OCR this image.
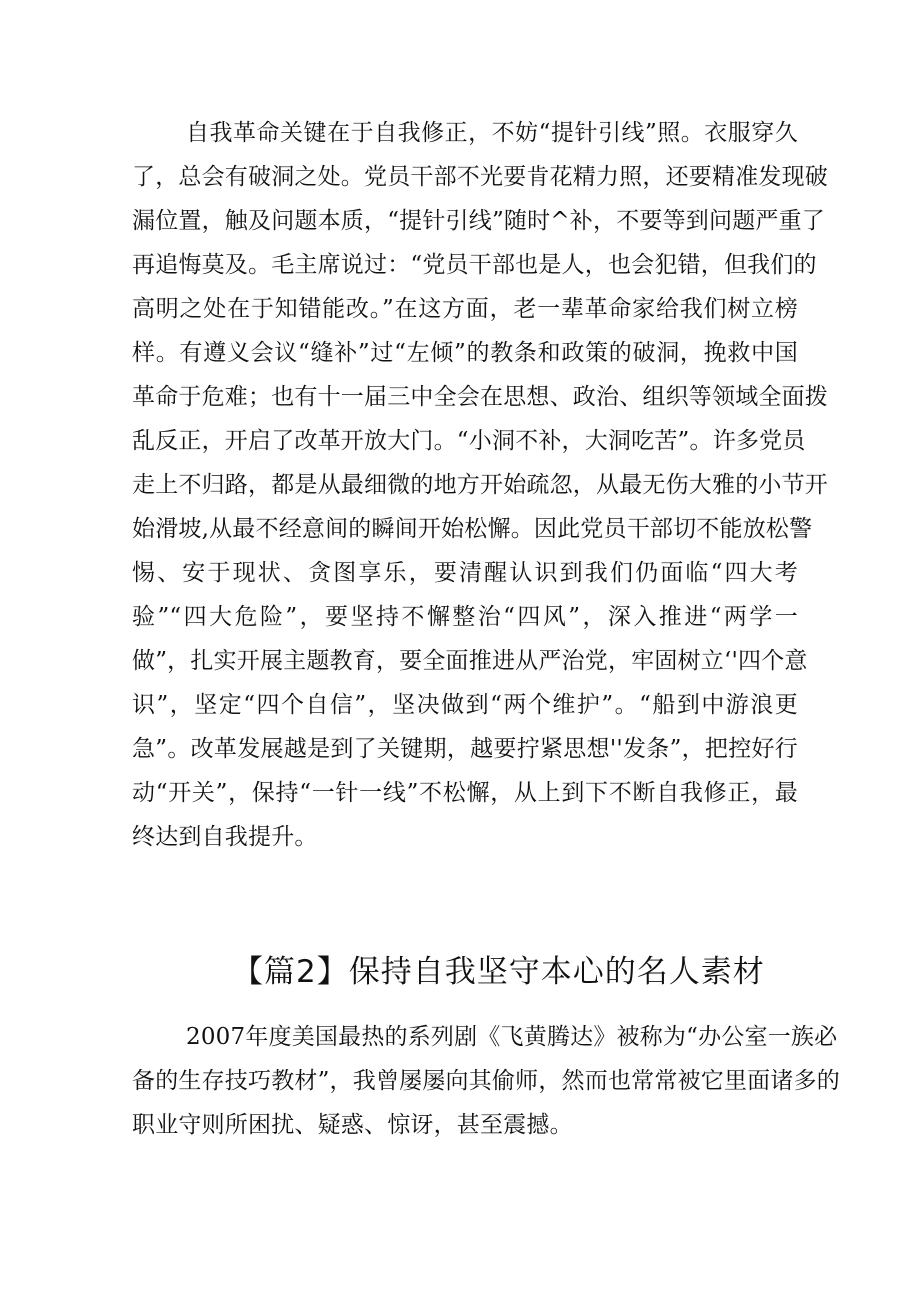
自我革命关键在于自我修正，不妨“提针引线”照。衣服穿久
了，总会有破洞之处。党员干部不光要肯花精力照，还要精准发现破
漏位置，触及问题本质，“提针引线”随时^补，不要等到问题严重了
再追悔莫及。毛主席说过：“党员干部也是人，也会犯错，但我们的
高明之处在于知错能改。”在这方面，老一辈革命家给我们树立榜
样。有遵义会议“缝补”过“左倾”的教条和政策的破洞，挽救中国
革命于危难；也有十一届三中全会在思想、政治、组织等领域全面拨
乱反正，开启了改革开放大门。“小洞不补，大洞吃苦”。许多党员
走上不归路，都是从最细微的地方开始疏忽，从最无伤大雅的小节开
始滑坡,从最不经意间的瞬间开始松懈。因此党员干部切不能放松警
惕、安于现状、贪图享乐，要清醒认识到我们仍面临“四大考
验”“四大危险”，要坚持不懈整治“四风”，深入推进“两学一
做”，扎实开展主题教育，要全面推进从严治党，牢固树立‘'四个意
识”，坚定“四个自信”，坚决做到“两个维护”。“船到中游浪更
急”。改革发展越是到了关键期，越要拧紧思想''发条”，把控好行
动“开关”，保持“一针一线”不松懈，从上到下不断自我修正，最
终达到自我提升。
【篇2】保持自我坚守本心的名人素材
2007年度美国最热的系列剧《飞黄腾达》被称为“办公室一族必
备的生存技巧教材”，我曾屡屡向其偷师，然而也常常被它里面诸多的
职业守则所困扰、疑惑、惊讶，甚至震撼。
